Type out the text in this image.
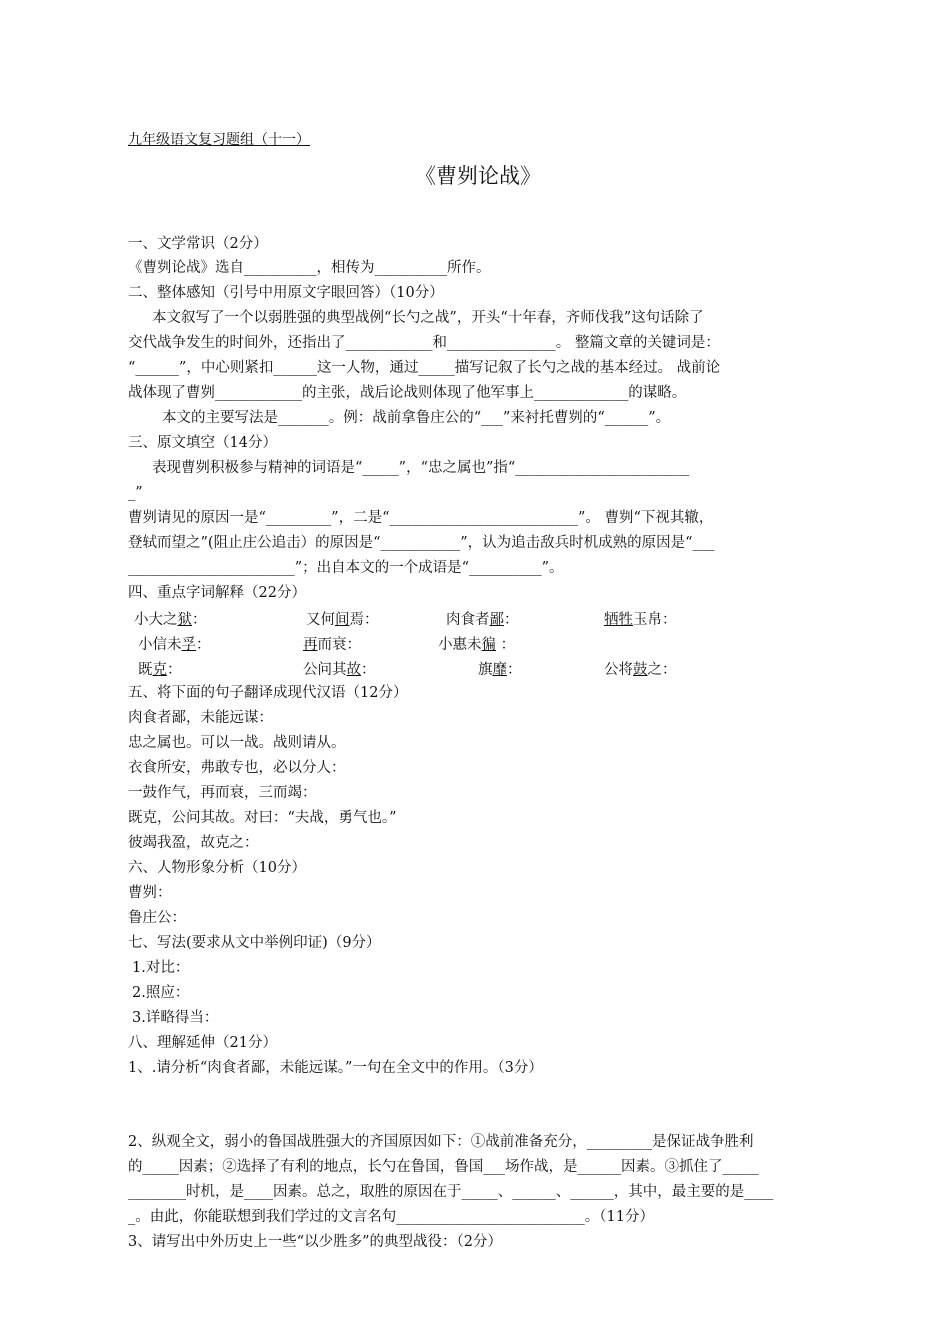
九年级语文复习题组（十一）
《曹刿论战》
一、文学常识（2分）
《曹刿论战》选自__________，相传为__________所作。
二、整体感知（引号中用原文字眼回答）（10分）
本文叙写了一个以弱胜强的典型战例“长勺之战”，开头“十年春，齐师伐我”这句话除了
交代战争发生的时间外，还指出了____________和_______________。 整篇文章的关键词是：
“______”，中心则紧扣______这一人物，通过_____描写记叙了长勺之战的基本经过。 战前论
战体现了曹刿____________的主张，战后论战则体现了他军事上_____________的谋略。
本文的主要写法是_______。例：战前拿鲁庄公的“___”来衬托曹刿的“______”。
三、原文填空（14分）
表现曹刿积极参与精神的词语是“_____”，“忠之属也”指“________________________
_”
曹刿请见的原因一是“_________”，二是“__________________________”。 曹刿“下视其辙，
登轼而望之”(阻止庄公追击）的原因是“___________”，认为追击敌兵时机成熟的原因是“___
_______________________”；出自本文的一个成语是“__________”。
四、重点字词解释（22分）
小大之狱：	又何间焉：	肉食者鄙：	牺牲玉帛：
小信未孚：	再而衰：	小惠未徧 ：
既克：	公问其故：	旗靡：	公将鼓之：
五、将下面的句子翻译成现代汉语（12分）
肉食者鄙，未能远谋：
忠之属也。可以一战。战则请从。
衣食所安，弗敢专也，必以分人：
一鼓作气，再而衰，三而竭：
既克，公问其故。对曰：“夫战，勇气也。”
彼竭我盈，故克之：
六、人物形象分析（10分）
曹刿：
鲁庄公：
七、写法(要求从文中举例印证)（9分）
1.对比：
2.照应：
3.详略得当：
八、理解延伸（21分）
1、.请分析“肉食者鄙，未能远谋。”一句在全文中的作用。（3分）
2、纵观全文，弱小的鲁国战胜强大的齐国原因如下：①战前准备充分，_________是保证战争胜利
的_____因素；②选择了有利的地点，长勺在鲁国，鲁国___场作战，是______因素。③抓住了_____
________时机，是____因素。总之，取胜的原因在于_____、______、______，其中，最主要的是____
_。由此，你能联想到我们学过的文言名句__________________________。（11分）
3、请写出中外历史上一些“以少胜多”的典型战役：（2分）
